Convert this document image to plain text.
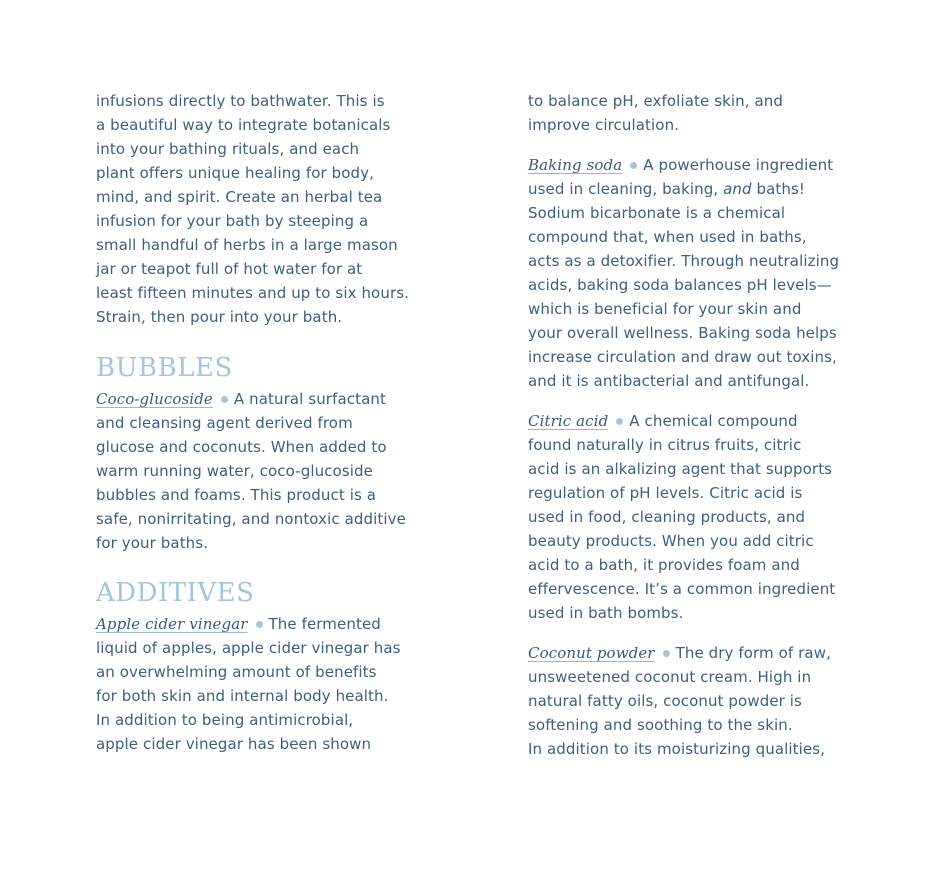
infusions directly to bathwater. This is
a beautiful way to integrate botanicals
into your bathing rituals, and each
plant offers unique healing for body,
mind, and spirit. Create an herbal tea
infusion for your bath by steeping a
small handful of herbs in a large mason
jar or teapot full of hot water for at
least fifteen minutes and up to six hours.
Strain, then pour into your bath.

BUBBLES

Coco-glucoside A natural surfactant
and cleansing agent derived from
glucose and coconuts. When added to
warm running water, coco-glucoside
bubbles and foams. This product is a
safe, nonirritating, and nontoxic additive
for your baths.

ADDITIVES

Apple cider vinegar The fermented
liquid of apples, apple cider vinegar has
an overwhelming amount of benefits
for both skin and internal body health.
In addition to being antimicrobial,
apple cider vinegar has been shown

to balance pH, exfoliate skin, and
improve circulation.

Baking soda A powerhouse ingredient
used in cleaning, baking, and baths!
Sodium bicarbonate is a chemical
compound that, when used in baths,
acts as a detoxifier. Through neutralizing
acids, baking soda balances pH levels—
which is beneficial for your skin and
your overall wellness. Baking soda helps
increase circulation and draw out toxins,
and it is antibacterial and antifungal.

Citric acid A chemical compound
found naturally in citrus fruits, citric
acid is an alkalizing agent that supports
regulation of pH levels. Citric acid is
used in food, cleaning products, and
beauty products. When you add citric
acid to a bath, it provides foam and
effervescence. It’s a common ingredient
used in bath bombs.

Coconut powder The dry form of raw,
unsweetened coconut cream. High in
natural fatty oils, coconut powder is
softening and soothing to the skin.
In addition to its moisturizing qualities,
